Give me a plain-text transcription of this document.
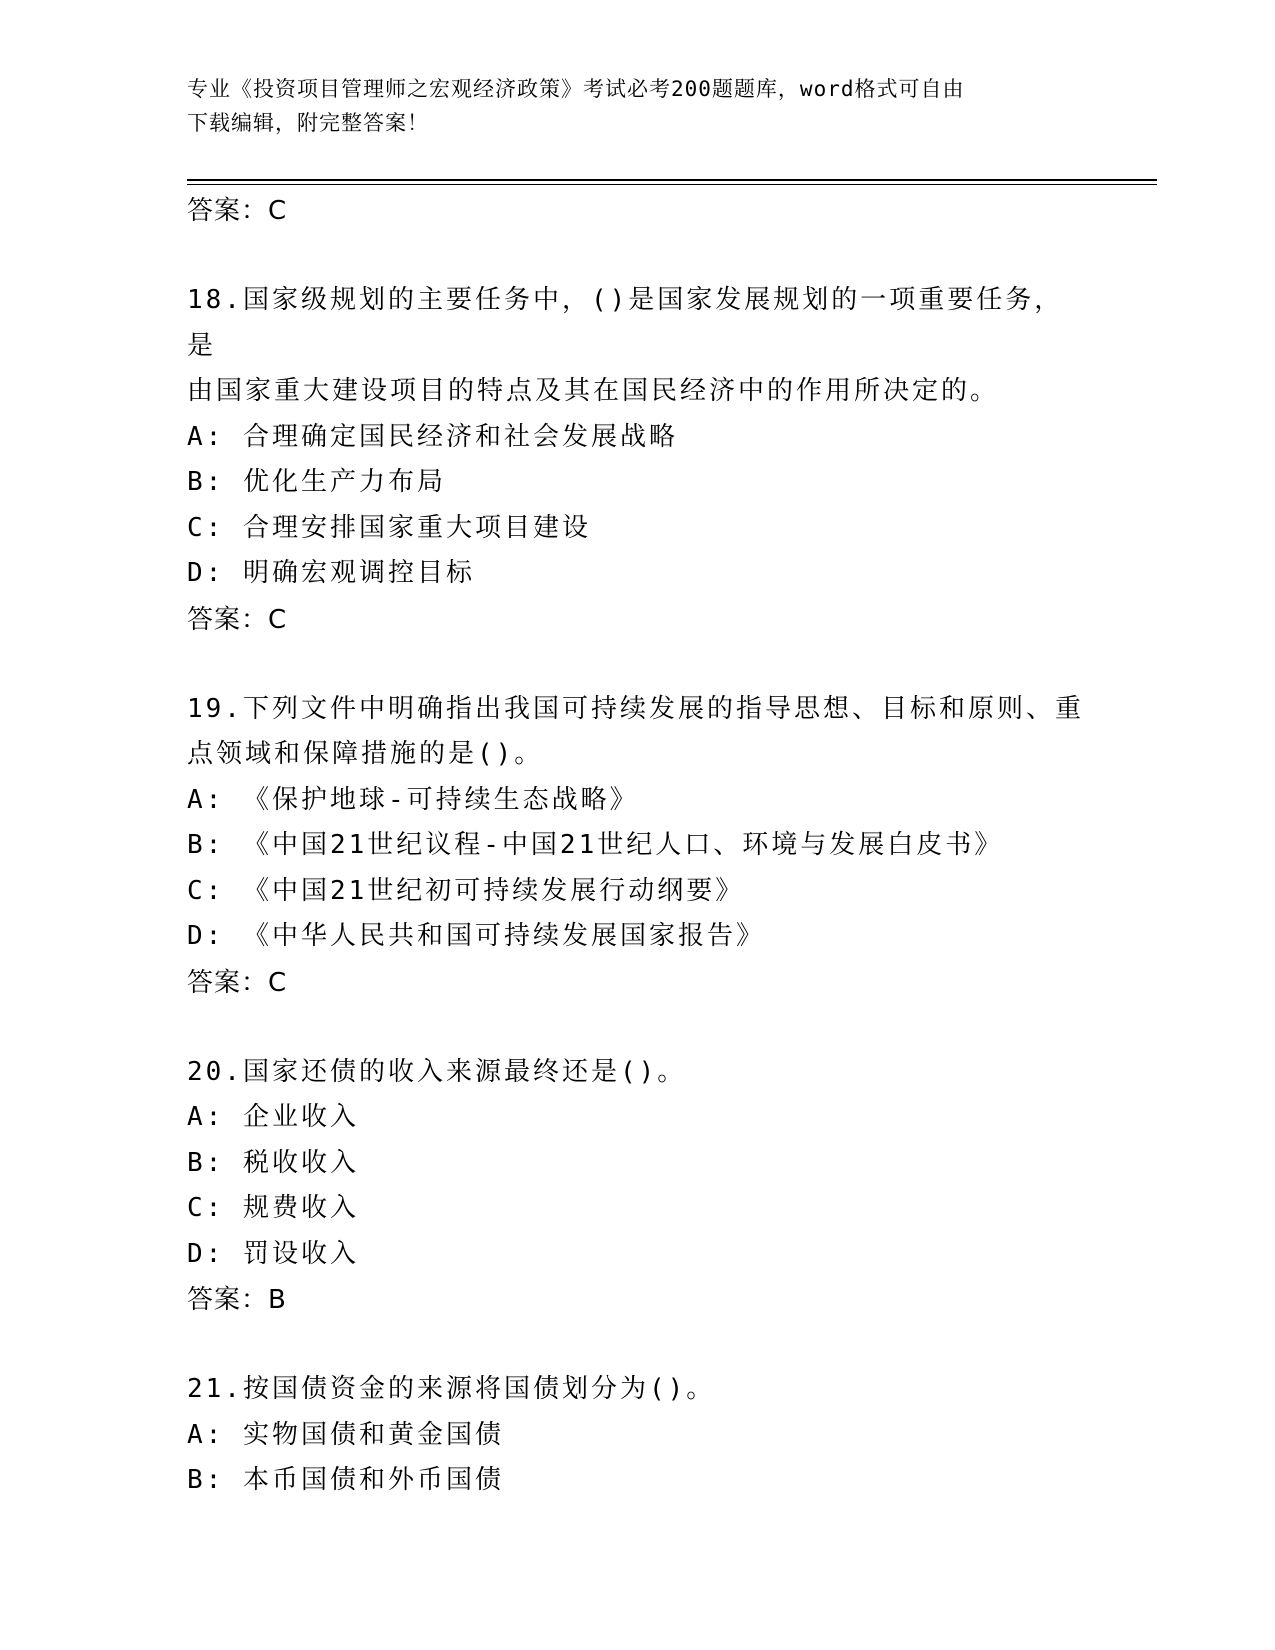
专业《投资项目管理师之宏观经济政策》考试必考200题题库，word格式可自由
下载编辑，附完整答案！
答案：C
18.国家级规划的主要任务中，()是国家发展规划的一项重要任务，是
由国家重大建设项目的特点及其在国民经济中的作用所决定的。
A: 合理确定国民经济和社会发展战略
B: 优化生产力布局
C: 合理安排国家重大项目建设
D: 明确宏观调控目标
答案：C
19.下列文件中明确指出我国可持续发展的指导思想、目标和原则、重
点领域和保障措施的是()。
A: 《保护地球-可持续生态战略》
B: 《中国21世纪议程-中国21世纪人口、环境与发展白皮书》
C: 《中国21世纪初可持续发展行动纲要》
D: 《中华人民共和国可持续发展国家报告》
答案：C
20.国家还债的收入来源最终还是()。
A: 企业收入
B: 税收收入
C: 规费收入
D: 罚设收入
答案：B
21.按国债资金的来源将国债划分为()。
A: 实物国债和黄金国债
B: 本币国债和外币国债
